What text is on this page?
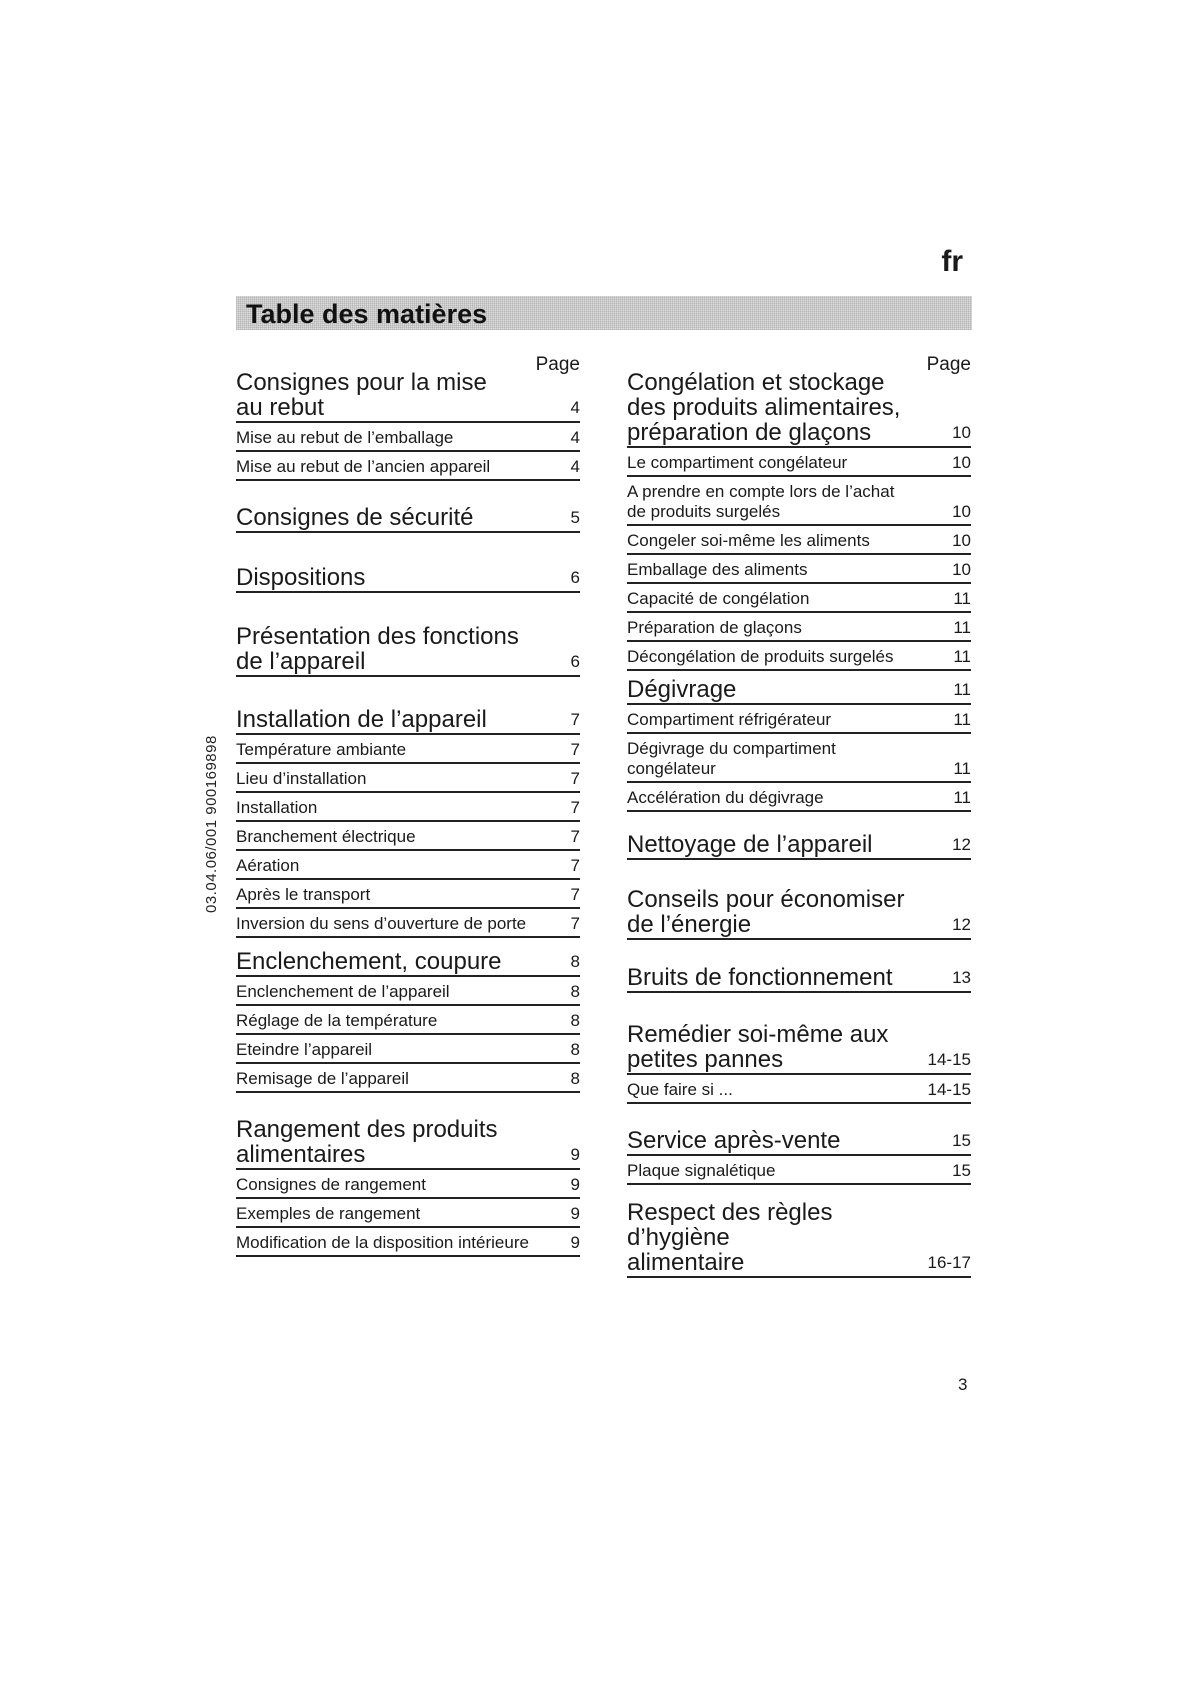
fr
Table des matières
03.04.06/001 900169898
Page
Consignes pour la mise
au rebut	4
Mise au rebut de l’emballage	4
Mise au rebut de l’ancien appareil	4
Consignes de sécurité	5
Dispositions	6
Présentation des fonctions
de l’appareil	6
Installation de l’appareil	7
Température ambiante	7
Lieu d’installation	7
Installation	7
Branchement électrique	7
Aération	7
Après le transport	7
Inversion du sens d’ouverture de porte	7
Enclenchement, coupure	8
Enclenchement de l’appareil	8
Réglage de la température	8
Eteindre l’appareil	8
Remisage de l’appareil	8
Rangement des produits
alimentaires	9
Consignes de rangement	9
Exemples de rangement	9
Modification de la disposition intérieure	9
Page
Congélation et stockage
des produits alimentaires,
préparation de glaçons	10
Le compartiment congélateur	10
A prendre en compte lors de l’achat
de produits surgelés	10
Congeler soi-même les aliments	10
Emballage des aliments	10
Capacité de congélation	11
Préparation de glaçons	11
Décongélation de produits surgelés	11
Dégivrage	11
Compartiment réfrigérateur	11
Dégivrage du compartiment
congélateur	11
Accélération du dégivrage	11
Nettoyage de l’appareil	12
Conseils pour économiser
de l’énergie	12
Bruits de fonctionnement	13
Remédier soi-même aux
petites pannes	14-15
Que faire si ...	14-15
Service après-vente	15
Plaque signalétique	15
Respect des règles d’hygiène
alimentaire	16-17
3
